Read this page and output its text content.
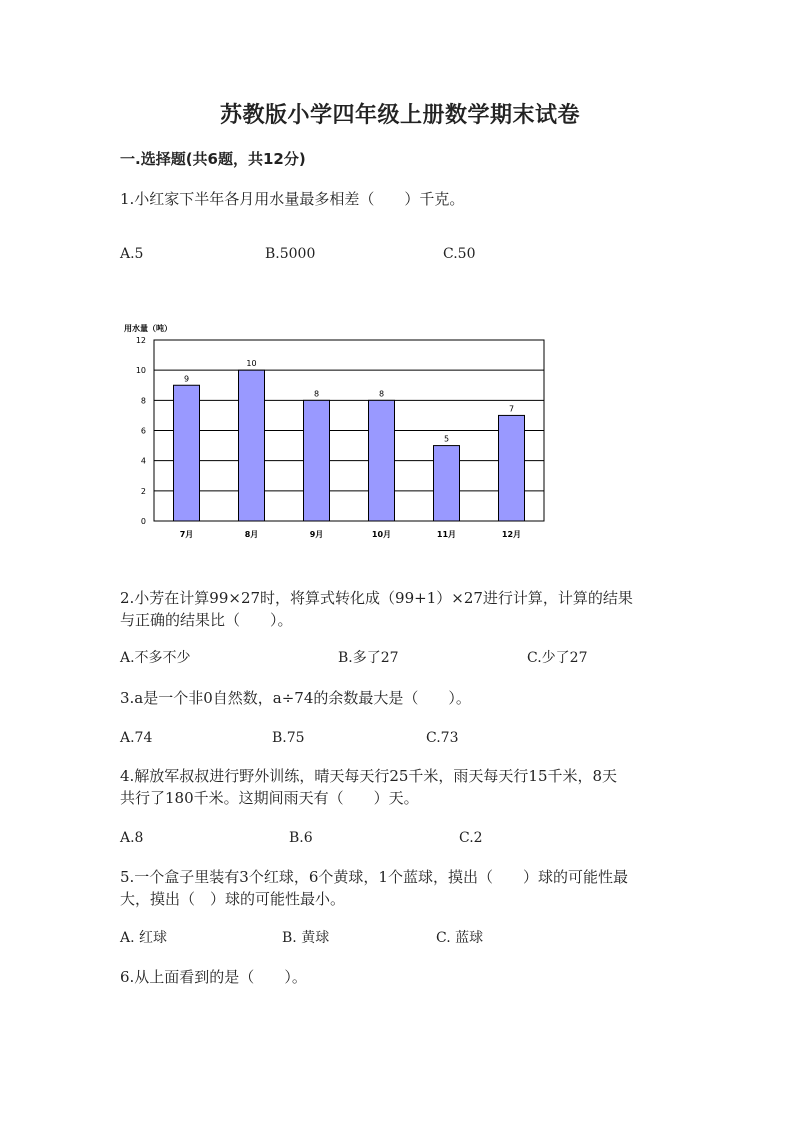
苏教版小学四年级上册数学期末试卷
一.选择题(共6题，共12分)
1.小红家下半年各月用水量最多相差（　　）千克。
A.5	B.5000	C.50
用水量（吨）
0
2
4
6
8
10
12
9
7月
10
8月
8
9月
8
10月
5
11月
7
12月
2.小芳在计算99×27时，将算式转化成（99+1）×27进行计算，计算的结果
与正确的结果比（　　）。
A.不多不少	B.多了27	C.少了27
3.a是一个非0自然数，a÷74的余数最大是（　　）。
A.74	B.75	C.73
4.解放军叔叔进行野外训练，晴天每天行25千米，雨天每天行15千米，8天
共行了180千米。这期间雨天有（　　）天。
A.8	B.6	C.2
5.一个盒子里装有3个红球，6个黄球，1个蓝球，摸出（　　）球的可能性最
大，摸出（　）球的可能性最小。
A. 红球	B. 黄球	C. 蓝球
6.从上面看到的是（　　）。
